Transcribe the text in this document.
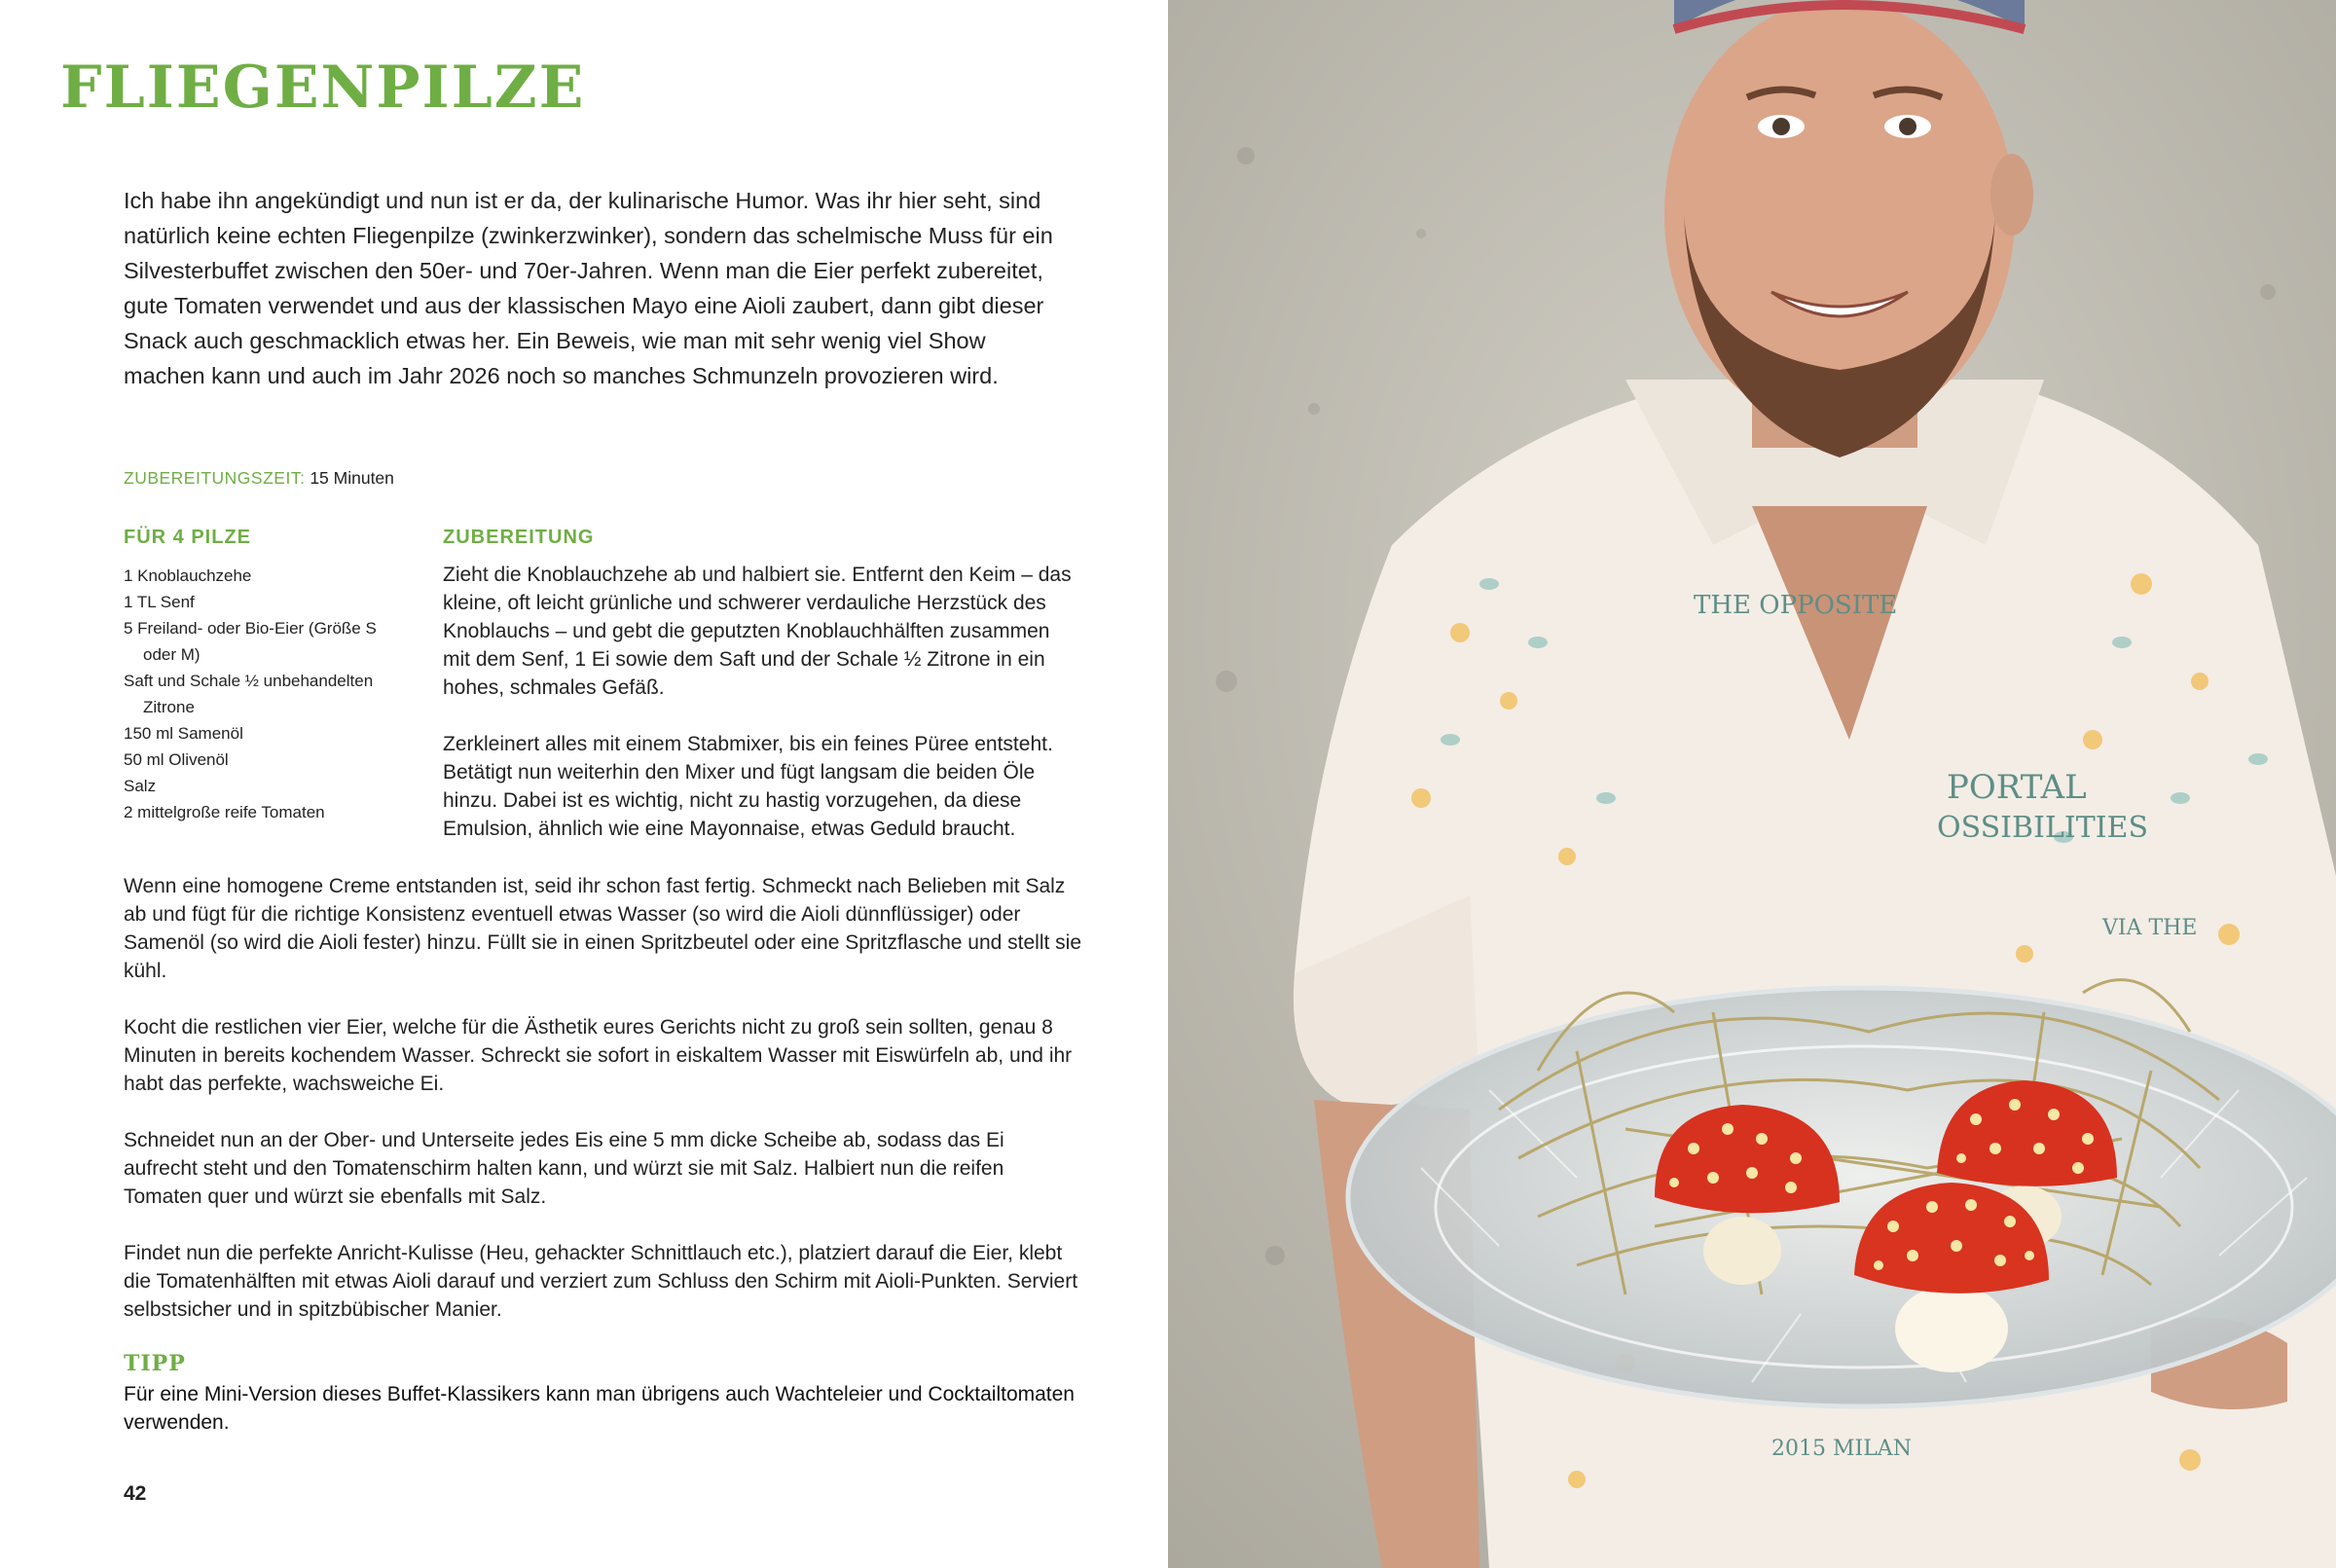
FLIEGENPILZE

Ich habe ihn angekündigt und nun ist er da, der kulinarische Humor. Was ihr hier seht, sind natürlich keine echten Fliegenpilze (zwinkerzwinker), sondern das schelmische Muss für ein Silvesterbuffet zwischen den 50er- und 70er-Jahren. Wenn man die Eier perfekt zubereitet, gute Tomaten verwendet und aus der klassischen Mayo eine Aioli zaubert, dann gibt dieser Snack auch geschmacklich etwas her. Ein Beweis, wie man mit sehr wenig viel Show machen kann und auch im Jahr 2026 noch so manches Schmunzeln provozieren wird.

ZUBEREITUNGSZEIT: 15 Minuten
FÜR 4 PILZE
1 Knoblauchzehe
1 TL Senf
5 Freiland- oder Bio-Eier (Größe S
oder M)
Saft und Schale ½ unbehandelten
Zitrone
150 ml Samenöl
50 ml Olivenöl
Salz
2 mittelgroße reife Tomaten
ZUBEREITUNG

Zieht die Knoblauchzehe ab und halbiert sie. Entfernt den Keim – das kleine, oft leicht grünliche und schwerer verdauliche Herzstück des Knoblauchs – und gebt die geputzten Knoblauchhälften zusammen mit dem Senf, 1 Ei sowie dem Saft und der Schale ½ Zitrone in ein hohes, schmales Gefäß.

Zerkleinert alles mit einem Stabmixer, bis ein feines Püree entsteht. Betätigt nun weiterhin den Mixer und fügt langsam die beiden Öle hinzu. Dabei ist es wichtig, nicht zu hastig vorzugehen, da diese Emulsion, ähnlich wie eine Mayonnaise, etwas Geduld braucht.

Wenn eine homogene Creme entstanden ist, seid ihr schon fast fertig. Schmeckt nach Belieben mit Salz ab und fügt für die richtige Konsistenz eventuell etwas Wasser (so wird die Aioli dünnflüssiger) oder Samenöl (so wird die Aioli fester) hinzu. Füllt sie in einen Spritzbeutel oder eine Spritzflasche und stellt sie kühl.

Kocht die restlichen vier Eier, welche für die Ästhetik eures Gerichts nicht zu groß sein sollten, genau 8 Minuten in bereits kochendem Wasser. Schreckt sie sofort in eiskaltem Wasser mit Eiswürfeln ab, und ihr habt das perfekte, wachsweiche Ei.

Schneidet nun an der Ober- und Unterseite jedes Eis eine 5 mm dicke Scheibe ab, sodass das Ei aufrecht steht und den Tomatenschirm halten kann, und würzt sie mit Salz. Halbiert nun die reifen Tomaten quer und würzt sie ebenfalls mit Salz.

Findet nun die perfekte Anricht-Kulisse (Heu, gehackter Schnittlauch etc.), platziert darauf die Eier, klebt die Tomatenhälften mit etwas Aioli darauf und verziert zum Schluss den Schirm mit Aioli-Punkten. Serviert selbstsicher und in spitzbübischer Manier.

TIPP

Für eine Mini-Version dieses Buffet-Klassikers kann man übrigens auch Wachteleier und Cocktailtomaten verwenden.

42
THE OPPOSITE
PORTAL
OSSIBILITIES
VIA THE
2015 MILAN
